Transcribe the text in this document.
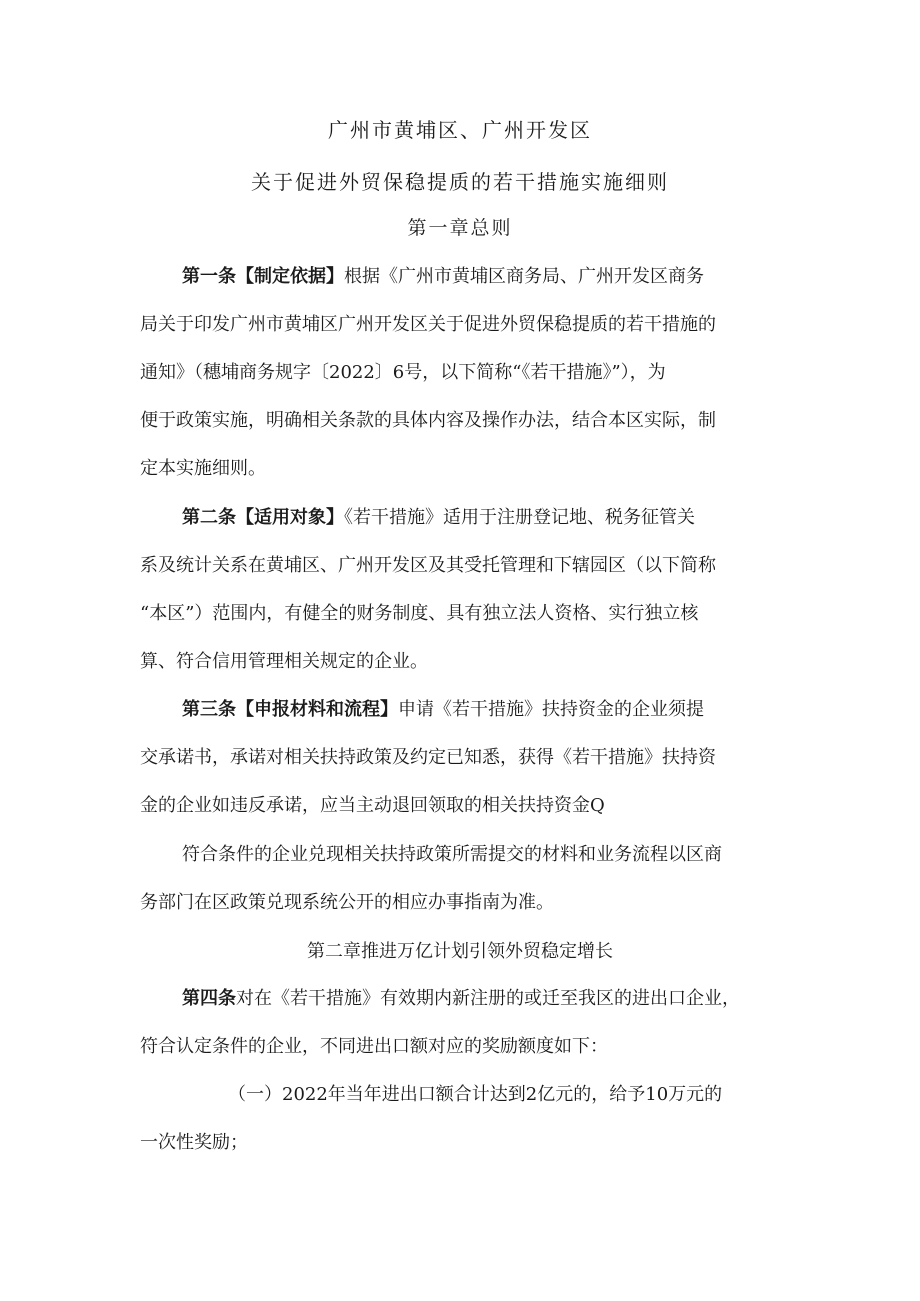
广州市黄埔区、广州开发区
关于促进外贸保稳提质的若干措施实施细则
第一章总则
第一条【制定依据】根据《广州市黄埔区商务局、广州开发区商务
局关于印发广州市黄埔区广州开发区关于促进外贸保稳提质的若干措施的
通知》（穗埔商务规字〔2022〕6号，以下简称“《若干措施》”），为
便于政策实施，明确相关条款的具体内容及操作办法，结合本区实际，制
定本实施细则。
第二条【适用对象】《若干措施》适用于注册登记地、税务征管关
系及统计关系在黄埔区、广州开发区及其受托管理和下辖园区（以下简称
“本区”）范围内，有健全的财务制度、具有独立法人资格、实行独立核
算、符合信用管理相关规定的企业。
第三条【申报材料和流程】申请《若干措施》扶持资金的企业须提
交承诺书，承诺对相关扶持政策及约定已知悉，获得《若干措施》扶持资
金的企业如违反承诺，应当主动退回领取的相关扶持资金Q
符合条件的企业兑现相关扶持政策所需提交的材料和业务流程以区商
务部门在区政策兑现系统公开的相应办事指南为准。
第二章推进万亿计划引领外贸稳定增长
第四条对在《若干措施》有效期内新注册的或迁至我区的进出口企业，
符合认定条件的企业，不同进出口额对应的奖励额度如下：
（一）2022年当年进出口额合计达到2亿元的，给予10万元的
一次性奖励；
